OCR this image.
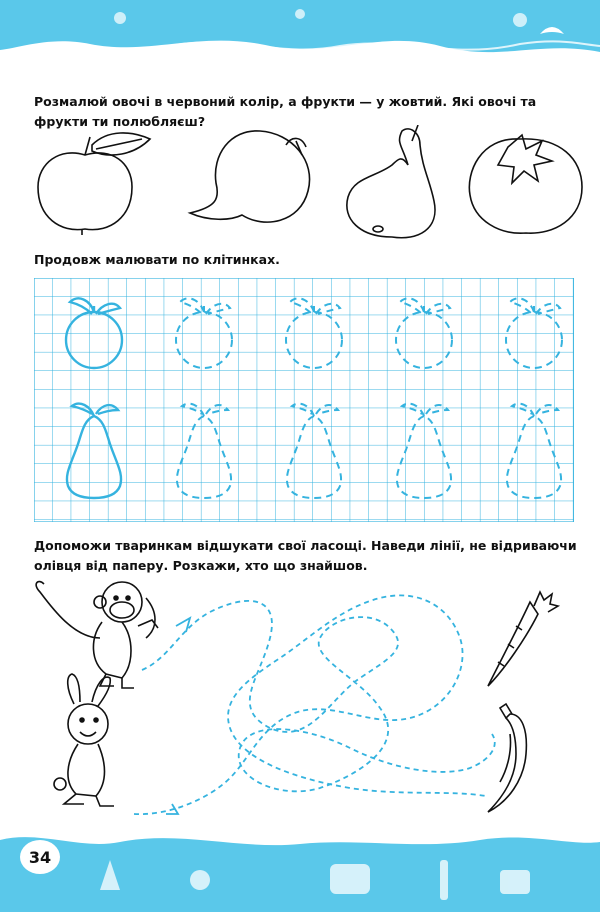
Розмалюй овочі в червоний колір, а фрукти — у жовтий. Які овочі та фрукти ти полюбляєш?

Продовж малювати по клітинках.

Допоможи тваринкам відшукати свої ласощі. Наведи лінії, не відриваючи олівця від паперу. Розкажи, хто що знайшов.

34
